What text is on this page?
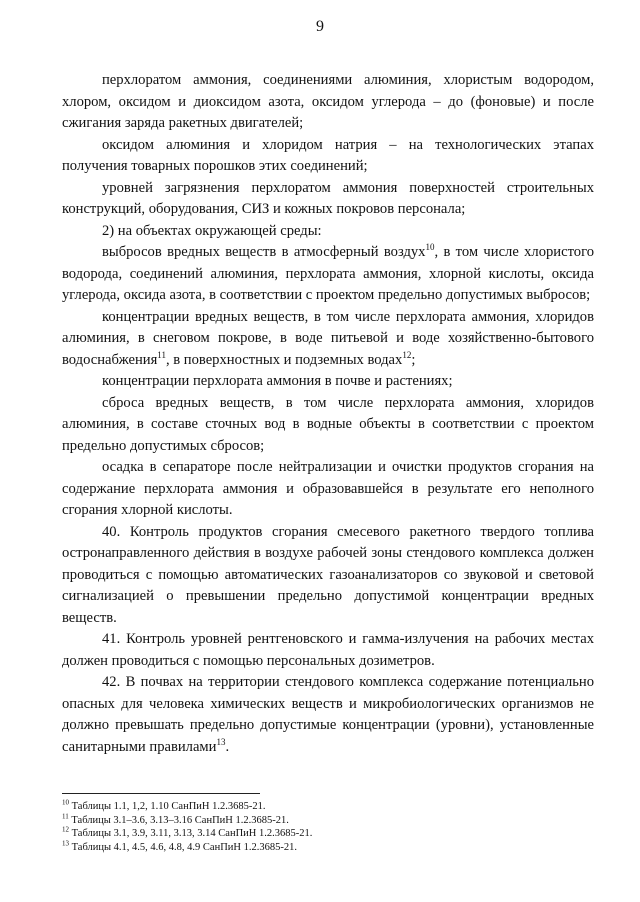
9

перхлоратом аммония, соединениями алюминия, хлористым водородом, хлором, оксидом и диоксидом азота, оксидом углерода – до (фоновые) и после сжигания заряда ракетных двигателей;

оксидом алюминия и хлоридом натрия – на технологических этапах получения товарных порошков этих соединений;

уровней загрязнения перхлоратом аммония поверхностей строительных конструкций, оборудования, СИЗ и кожных покровов персонала;

2) на объектах окружающей среды:

выбросов вредных веществ в атмосферный воздух$^{10}$, в том числе хлористого водорода, соединений алюминия, перхлората аммония, хлорной кислоты, оксида углерода, оксида азота, в соответствии с проектом предельно допустимых выбросов;

концентрации вредных веществ, в том числе перхлората аммония, хлоридов алюминия, в снеговом покрове, в воде питьевой и воде хозяйственно-бытового водоснабжения$^{11}$, в поверхностных и подземных водах$^{12}$;

концентрации перхлората аммония в почве и растениях;

сброса вредных веществ, в том числе перхлората аммония, хлоридов алюминия, в составе сточных вод в водные объекты в соответствии с проектом предельно допустимых сбросов;

осадка в сепараторе после нейтрализации и очистки продуктов сгорания на содержание перхлората аммония и образовавшейся в результате его неполного сгорания хлорной кислоты.

40. Контроль продуктов сгорания смесевого ракетного твердого топлива остронаправленного действия в воздухе рабочей зоны стендового комплекса должен проводиться с помощью автоматических газоанализаторов со звуковой и световой сигнализацией о превышении предельно допустимой концентрации вредных веществ.

41. Контроль уровней рентгеновского и гамма-излучения на рабочих местах должен проводиться с помощью персональных дозиметров.

42. В почвах на территории стендового комплекса содержание потенциально опасных для человека химических веществ и микробиологических организмов не должно превышать предельно допустимые концентрации (уровни), установленные санитарными правилами$^{13}$.

$^{10}$ Таблицы 1.1, 1,2, 1.10 СанПиН 1.2.3685-21.
$^{11}$ Таблицы 3.1–3.6, 3.13–3.16 СанПиН 1.2.3685-21.
$^{12}$ Таблицы 3.1, 3.9, 3.11, 3.13, 3.14 СанПиН 1.2.3685-21.
$^{13}$ Таблицы 4.1, 4.5, 4.6, 4.8, 4.9 СанПиН 1.2.3685-21.
